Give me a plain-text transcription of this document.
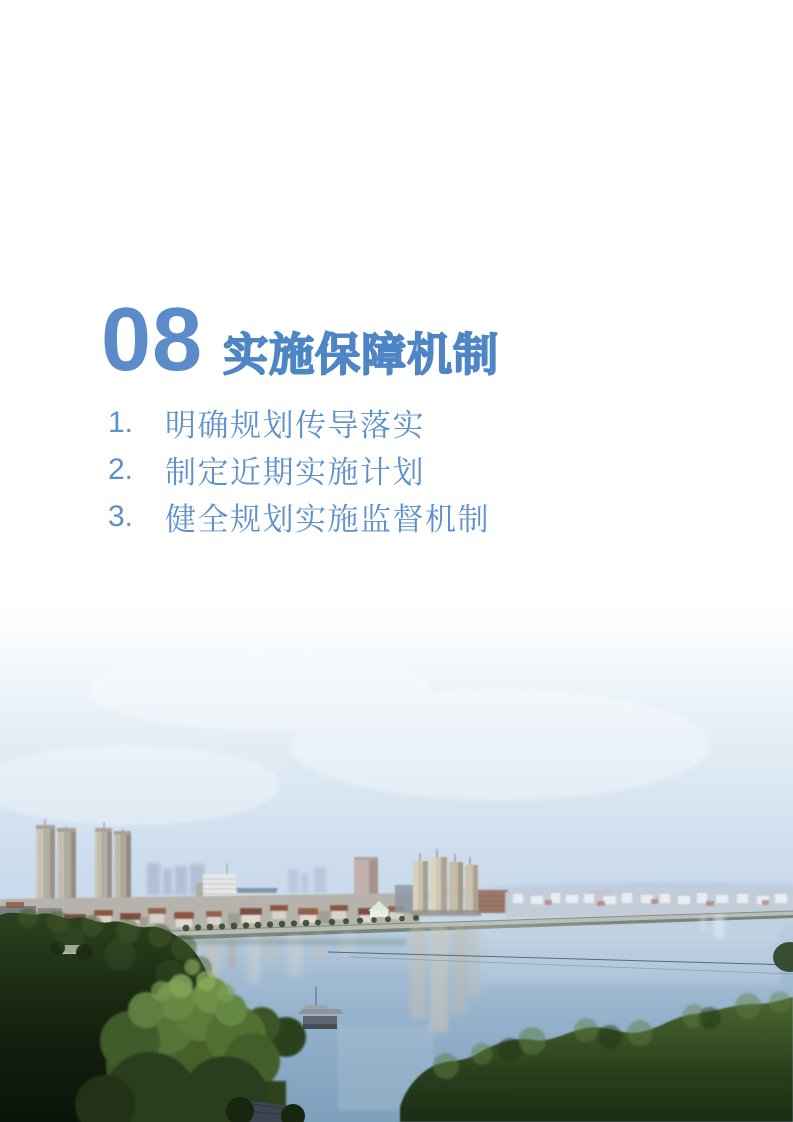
08 实施保障机制
1.	明确规划传导落实
2.	制定近期实施计划
3.	健全规划实施监督机制
